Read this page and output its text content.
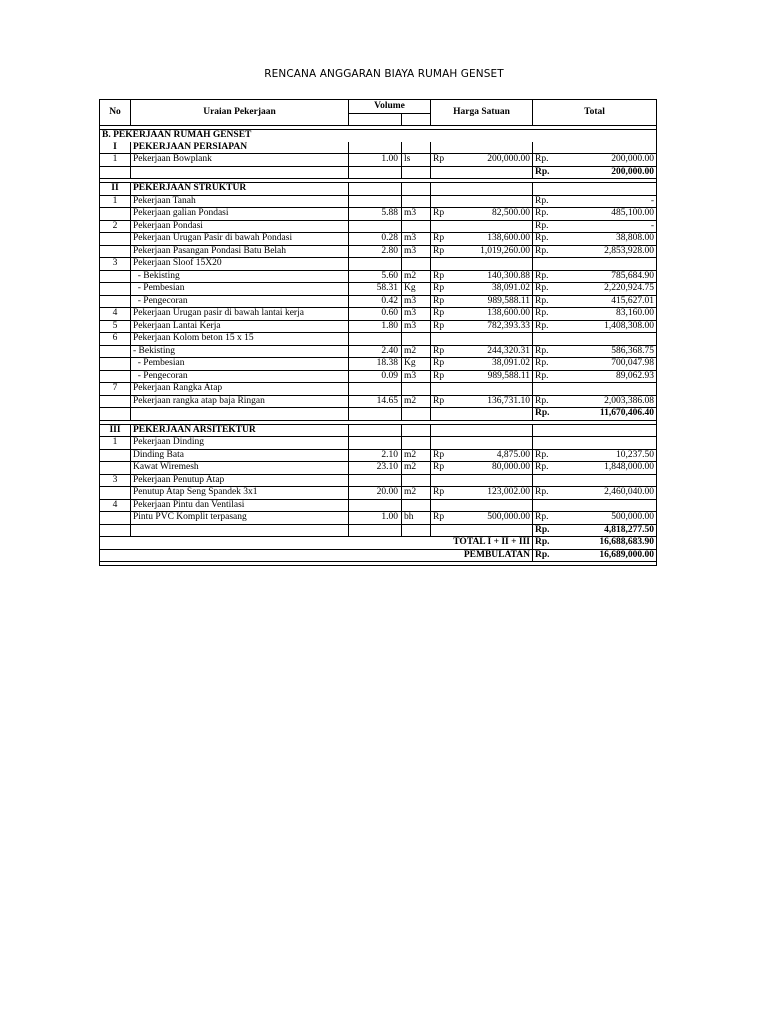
RENCANA ANGGARAN BIAYA RUMAH GENSET
No	Uraian Pekerjaan	Volume		Harga Satuan		Total	

B. PEKERJAAN RUMAH GENSET							
I	PEKERJAAN PERSIAPAN						
1	Pekerjaan Bowplank	1.00	ls	Rp	200,000.00	Rp.	200,000.00
						Rp.	200,000.00

II	PEKERJAAN STRUKTUR						
1	Pekerjaan Tanah					Rp.	-
	Pekerjaan galian Pondasi	5.88	m3	Rp	82,500.00	Rp.	485,100.00
2	Pekerjaan Pondasi					Rp.	-
	Pekerjaan Urugan Pasir di bawah Pondasi	0.28	m3	Rp	138,600.00	Rp.	38,808.00
	Pekerjaan Pasangan Pondasi Batu Belah	2.80	m3	Rp	1,019,260.00	Rp.	2,853,928.00
3	Pekerjaan Sloof 15X20						
	- Bekisting	5.60	m2	Rp	140,300.88	Rp.	785,684.90
	- Pembesian	58.31	Kg	Rp	38,091.02	Rp.	2,220,924.75
	- Pengecoran	0.42	m3	Rp	989,588.11	Rp.	415,627.01
4	Pekerjaan Urugan pasir di bawah lantai kerja	0.60	m3	Rp	138,600.00	Rp.	83,160.00
5	Pekerjaan Lantai Kerja	1.80	m3	Rp	782,393.33	Rp.	1,408,308.00
6	Pekerjaan Kolom beton 15 x 15						
	- Bekisting	2.40	m2	Rp	244,320.31	Rp.	586,368.75
	- Pembesian	18.38	Kg	Rp	38,091.02	Rp.	700,047.98
	- Pengecoran	0.09	m3	Rp	989,588.11	Rp.	89,062.93
7	Pekerjaan Rangka Atap						
	Pekerjaan rangka atap baja Ringan	14.65	m2	Rp	136,731.10	Rp.	2,003,386.08
						Rp.	11,670,406.40

III	PEKERJAAN ARSITEKTUR						
1	Pekerjaan Dinding						
	Dinding Bata	2.10	m2	Rp	4,875.00	Rp.	10,237.50
	Kawat Wiremesh	23.10	m2	Rp	80,000.00	Rp.	1,848,000.00
3	Pekerjaan Penutup Atap						
	Penutup Atap Seng Spandek 3x1	20.00	m2	Rp	123,002.00	Rp.	2,460,040.00
4	Pekerjaan Pintu dan Ventilasi						
	Pintu PVC Komplit terpasang	1.00	bh	Rp	500,000.00	Rp.	500,000.00
						Rp.	4,818,277.50
TOTAL I + II + III						Rp.	16,688,683.90
PEMBULATAN						Rp.	16,689,000.00
